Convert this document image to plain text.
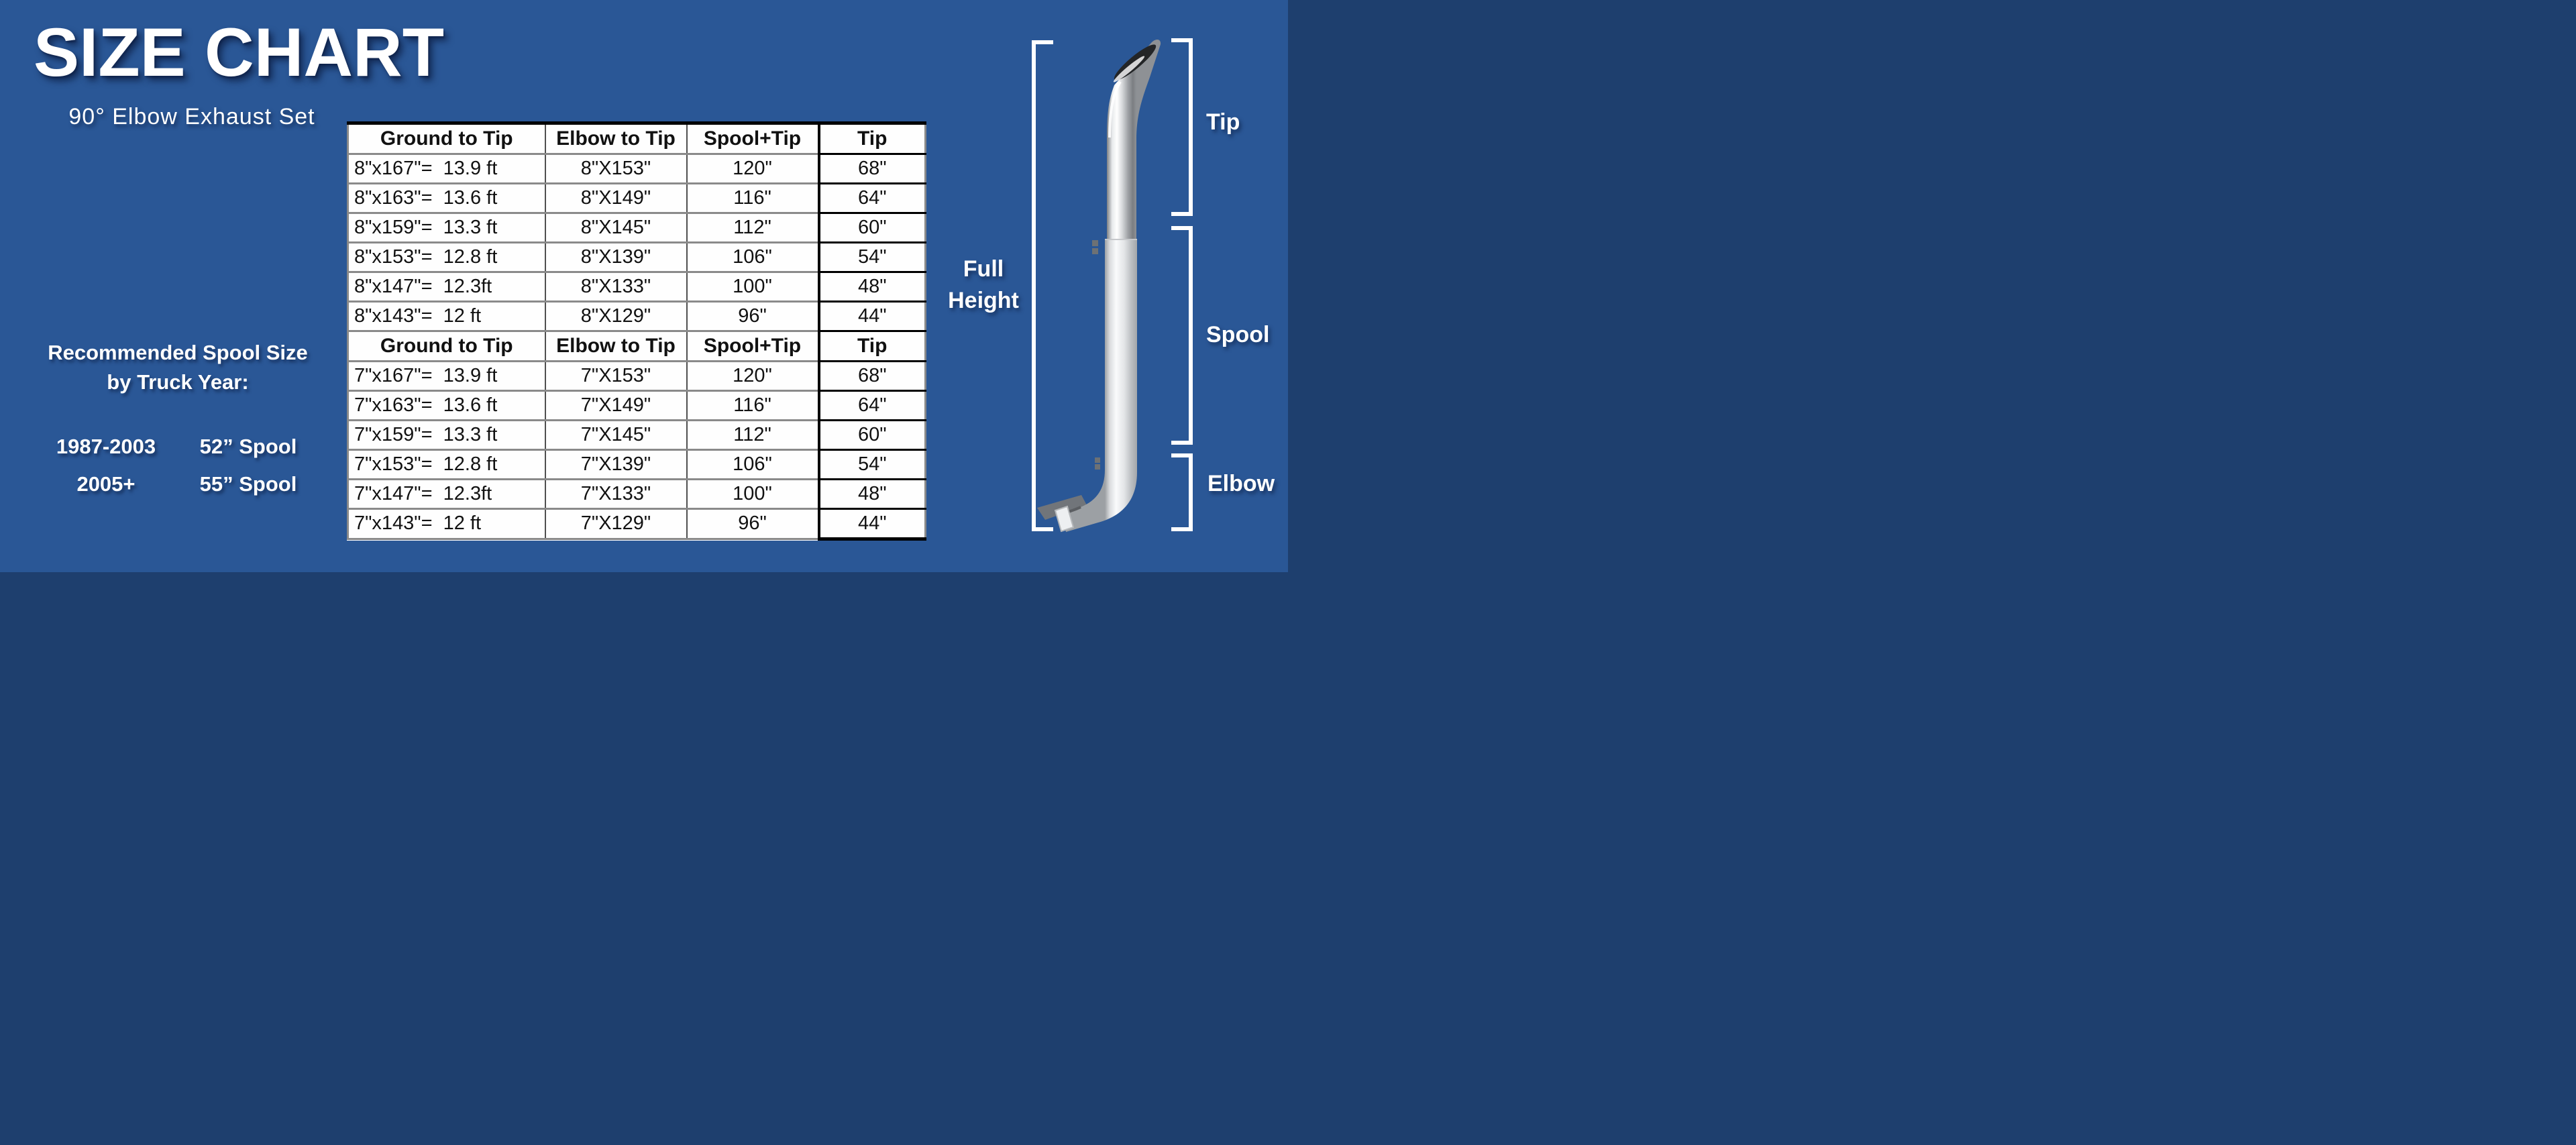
SIZE CHART
90° Elbow Exhaust Set
Recommended Spool Size
by Truck Year:
1987-2003	52” Spool
2005+	55” Spool
Ground to Tip	Elbow to Tip	Spool+Tip	Tip
8"x167"=  13.9 ft	8"X153"	120"	68"
8"x163"=  13.6 ft	8"X149"	116"	64"
8"x159"=  13.3 ft	8"X145"	112"	60"
8"x153"=  12.8 ft	8"X139"	106"	54"
8"x147"=  12.3ft	8"X133"	100"	48"
8"x143"=  12 ft	8"X129"	96"	44"
Ground to Tip	Elbow to Tip	Spool+Tip	Tip
7"x167"=  13.9 ft	7"X153"	120"	68"
7"x163"=  13.6 ft	7"X149"	116"	64"
7"x159"=  13.3 ft	7"X145"	112"	60"
7"x153"=  12.8 ft	7"X139"	106"	54"
7"x147"=  12.3ft	7"X133"	100"	48"
7"x143"=  12 ft	7"X129"	96"	44"
Tip
Spool
Elbow
Full
Height
